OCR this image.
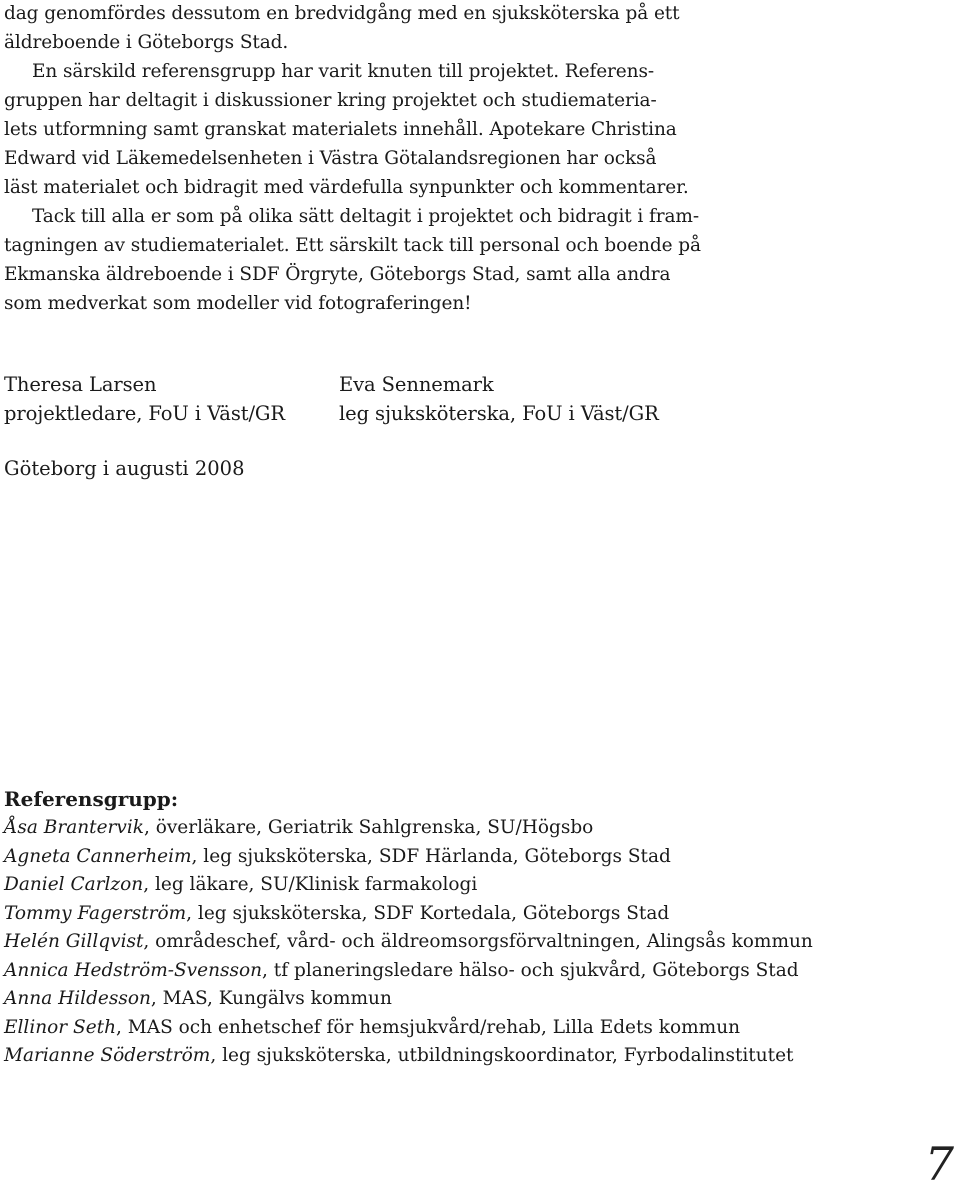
dag genomfördes dessutom en bredvidgång med en sjuksköterska på ett
äldreboende i Göteborgs Stad.
En särskild referensgrupp har varit knuten till projektet. Referens-
gruppen har deltagit i diskussioner kring projektet och studiemateria-
lets utformning samt granskat materialets innehåll. Apotekare Christina
Edward vid Läkemedelsenheten i Västra Götalandsregionen har också
läst materialet och bidragit med värdefulla synpunkter och kommentarer.
Tack till alla er som på olika sätt deltagit i projektet och bidragit i fram-
tagningen av studiematerialet. Ett särskilt tack till personal och boende på
Ekmanska äldreboende i SDF Örgryte, Göteborgs Stad, samt alla andra
som medverkat som modeller vid fotograferingen!
Theresa Larsen
projektledare, FoU i Väst/GR
Eva Sennemark
leg sjuksköterska, FoU i Väst/GR
Göteborg i augusti 2008
Referensgrupp:
Åsa Brantervik, överläkare, Geriatrik Sahlgrenska, SU/Högsbo
Agneta Cannerheim, leg sjuksköterska, SDF Härlanda, Göteborgs Stad
Daniel Carlzon, leg läkare, SU/Klinisk farmakologi
Tommy Fagerström, leg sjuksköterska, SDF Kortedala, Göteborgs Stad
Helén Gillqvist, områdeschef, vård- och äldreomsorgsförvaltningen, Alingsås kommun
Annica Hedström-Svensson, tf planeringsledare hälso- och sjukvård, Göteborgs Stad
Anna Hildesson, MAS, Kungälvs kommun
Ellinor Seth, MAS och enhetschef för hemsjukvård/rehab, Lilla Edets kommun
Marianne Söderström, leg sjuksköterska, utbildningskoordinator, Fyrbodalinstitutet
7
